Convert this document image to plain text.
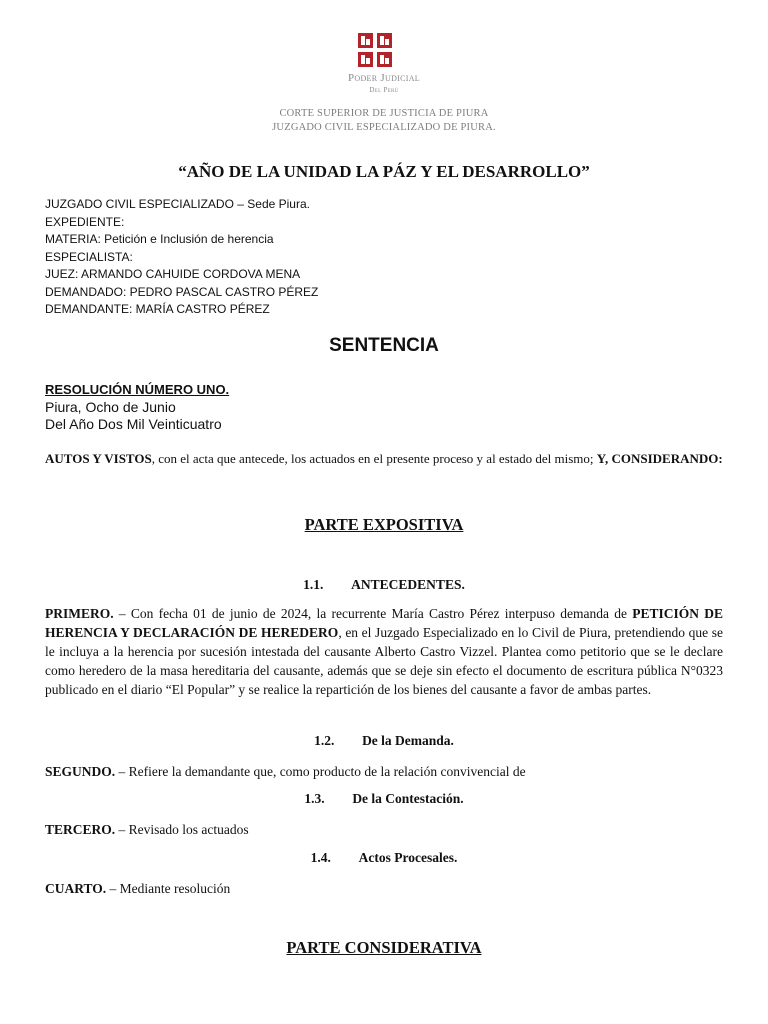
Poder Judicial
Del Perú
CORTE SUPERIOR DE JUSTICIA DE PIURA
JUZGADO CIVIL ESPECIALIZADO DE PIURA.
“AÑO DE LA UNIDAD LA PÁZ Y EL DESARROLLO”
JUZGADO CIVIL ESPECIALIZADO – Sede Piura.
EXPEDIENTE:
MATERIA: Petición e Inclusión de herencia
ESPECIALISTA:
JUEZ: ARMANDO CAHUIDE CORDOVA MENA
DEMANDADO: PEDRO PASCAL CASTRO PÉREZ
DEMANDANTE: MARÍA CASTRO PÉREZ
SENTENCIA
RESOLUCIÓN NÚMERO UNO.
Piura, Ocho de Junio
Del Año Dos Mil Veinticuatro
AUTOS Y VISTOS, con el acta que antecede, los actuados en el presente proceso y al estado del mismo; Y, CONSIDERANDO:
PARTE EXPOSITIVA
1.1. ANTECEDENTES.
PRIMERO. – Con fecha 01 de junio de 2024, la recurrente María Castro Pérez interpuso demanda de PETICIÓN DE HERENCIA Y DECLARACIÓN DE HEREDERO, en el Juzgado Especializado en lo Civil de Piura, pretendiendo que se le incluya a la herencia por sucesión intestada del causante Alberto Castro Vizzel. Plantea como petitorio que se le declare como heredero de la masa hereditaria del causante, además que se deje sin efecto el documento de escritura pública N°0323 publicado en el diario “El Popular” y se realice la repartición de los bienes del causante a favor de ambas partes.
1.2. De la Demanda.
SEGUNDO. – Refiere la demandante que, como producto de la relación convivencial de
1.3. De la Contestación.
TERCERO. – Revisado los actuados
1.4. Actos Procesales.
CUARTO. – Mediante resolución
PARTE CONSIDERATIVA
